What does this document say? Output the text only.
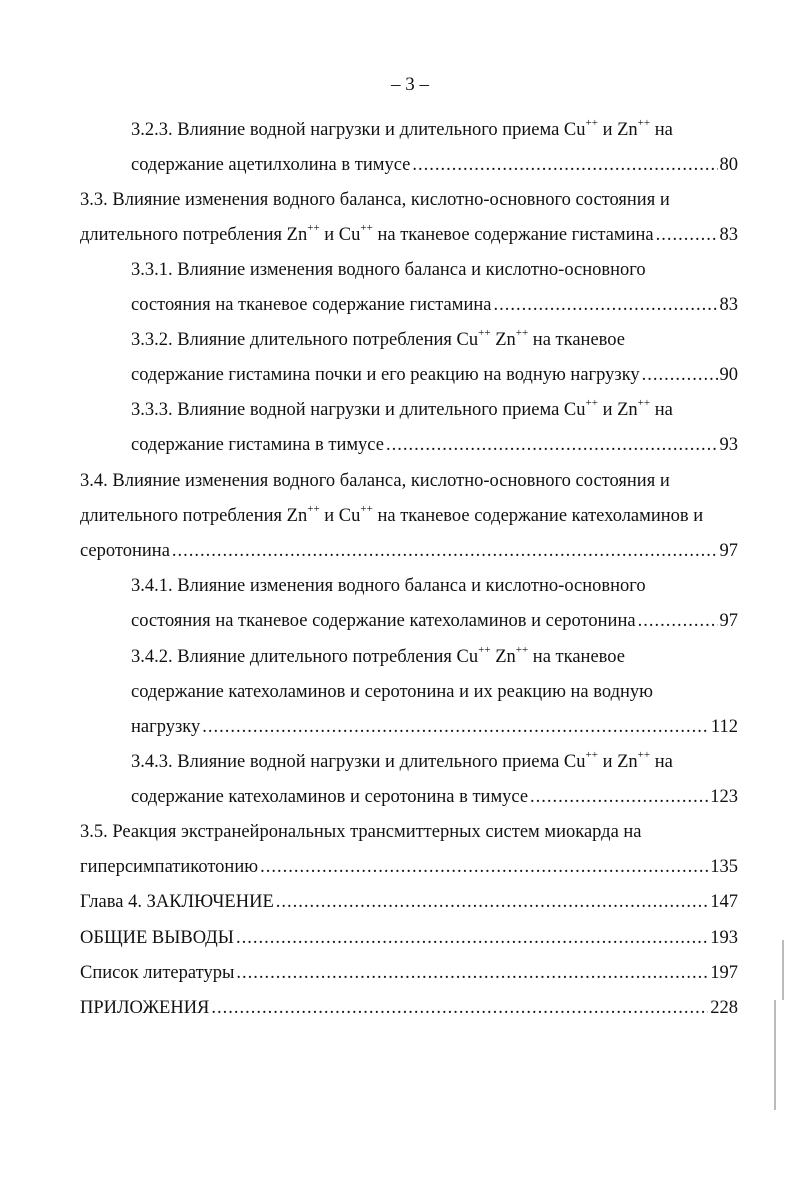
– 3 –
3.2.3. Влияние водной нагрузки и длительного приема Cu++ и Zn++ на
содержание ацетилхолина в тимусе .....	80
3.3. Влияние изменения водного баланса, кислотно-основного состояния и
длительного потребления Zn++ и Cu++ на тканевое содержание гистамина .....	83
3.3.1. Влияние изменения водного баланса и кислотно-основного
состояния на тканевое содержание гистамина .....	83
3.3.2. Влияние длительного потребления Cu++ Zn++ на тканевое
содержание гистамина почки и его реакцию на водную нагрузку .....	90
3.3.3. Влияние водной нагрузки и длительного приема Cu++ и Zn++ на
содержание гистамина в тимусе .....	93
3.4. Влияние изменения водного баланса, кислотно-основного состояния и
длительного потребления Zn++ и Cu++ на тканевое содержание катехоламинов и
серотонина .....	97
3.4.1. Влияние изменения водного баланса и кислотно-основного
состояния на тканевое содержание катехоламинов и серотонина .....	97
3.4.2. Влияние длительного потребления Cu++ Zn++ на тканевое
содержание катехоламинов и серотонина и их реакцию на водную
нагрузку .....	112
3.4.3. Влияние водной нагрузки и длительного приема Cu++ и Zn++ на
содержание катехоламинов и серотонина в тимусе .....	123
3.5. Реакция экстранейрональных трансмиттерных систем миокарда на
гиперсимпатикотонию .....	135
Глава 4. ЗАКЛЮЧЕНИЕ .....	147
ОБЩИЕ ВЫВОДЫ .....	193
Список литературы .....	197
ПРИЛОЖЕНИЯ .....	228
